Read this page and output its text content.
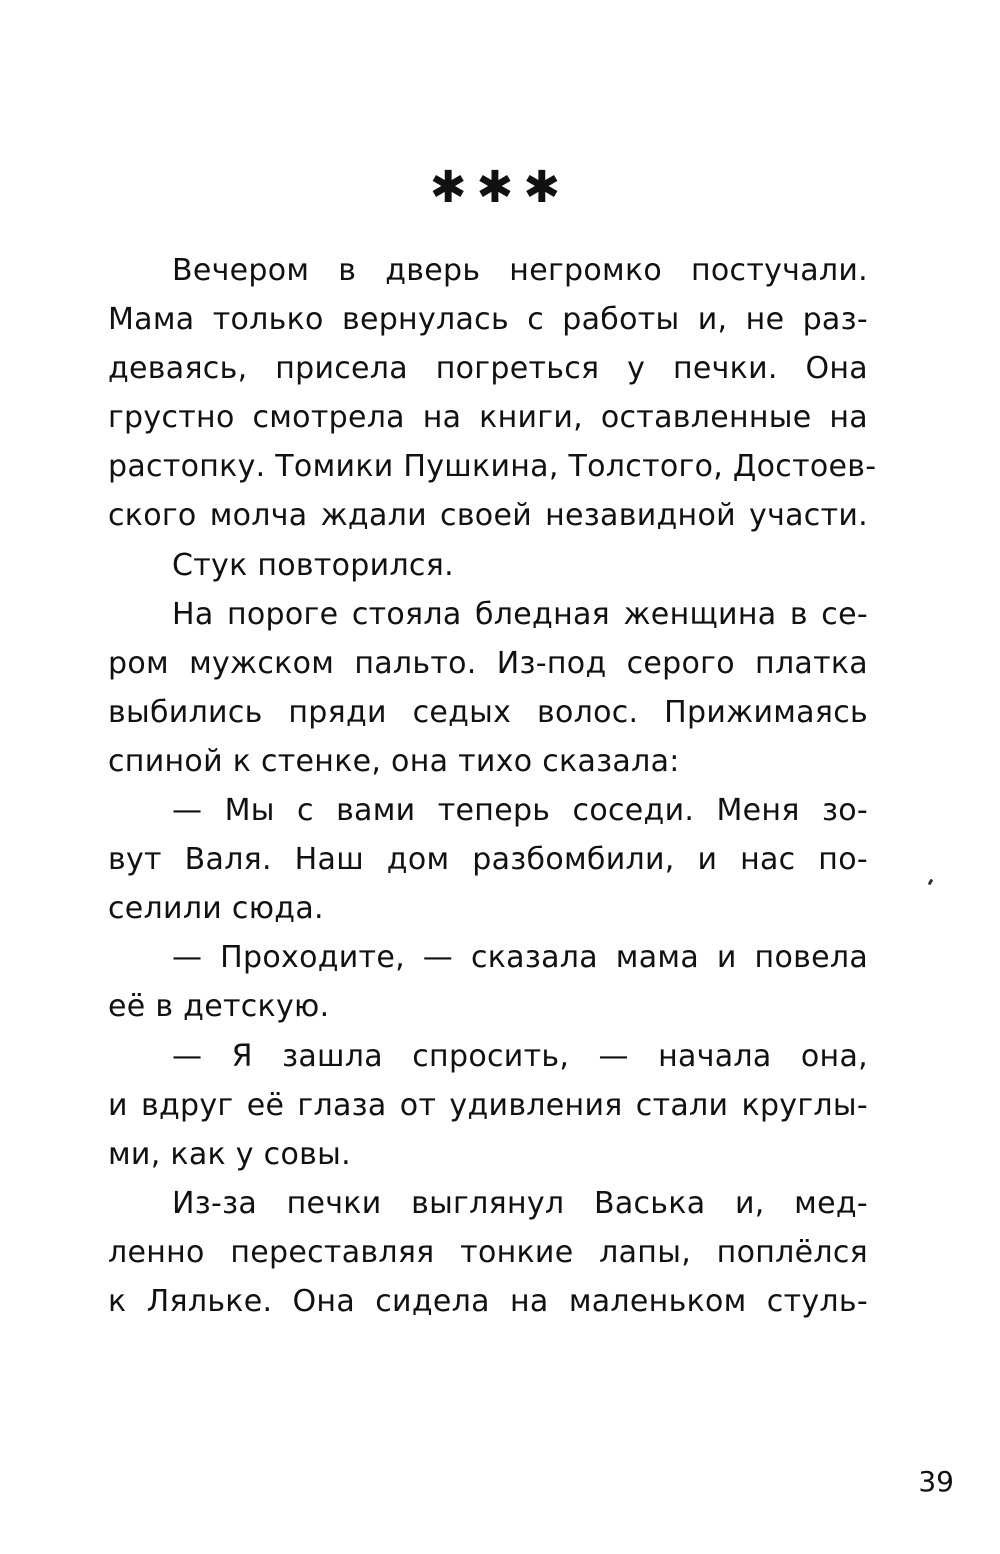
✱✱✱
Вечером в дверь негромко постучали.
Мама только вернулась с работы и, не раз-
деваясь, присела погреться у печки. Она
грустно смотрела на книги, оставленные на
растопку. Томики Пушкина, Толстого, Достоев-
ского молча ждали своей незавидной участи.
Стук повторился.
На пороге стояла бледная женщина в се-
ром мужском пальто. Из-под серого платка
выбились пряди седых волос. Прижимаясь
спиной к стенке, она тихо сказала:
— Мы с вами теперь соседи. Меня зо-
вут Валя. Наш дом разбомбили, и нас по-
селили сюда.
— Проходите, — сказала мама и повела
её в детскую.
— Я зашла спросить, — начала она,
и вдруг её глаза от удивления стали круглы-
ми, как у совы.
Из-за печки выглянул Васька и, мед-
ленно переставляя тонкие лапы, поплёлся
к Ляльке. Она сидела на маленьком стуль-
39
